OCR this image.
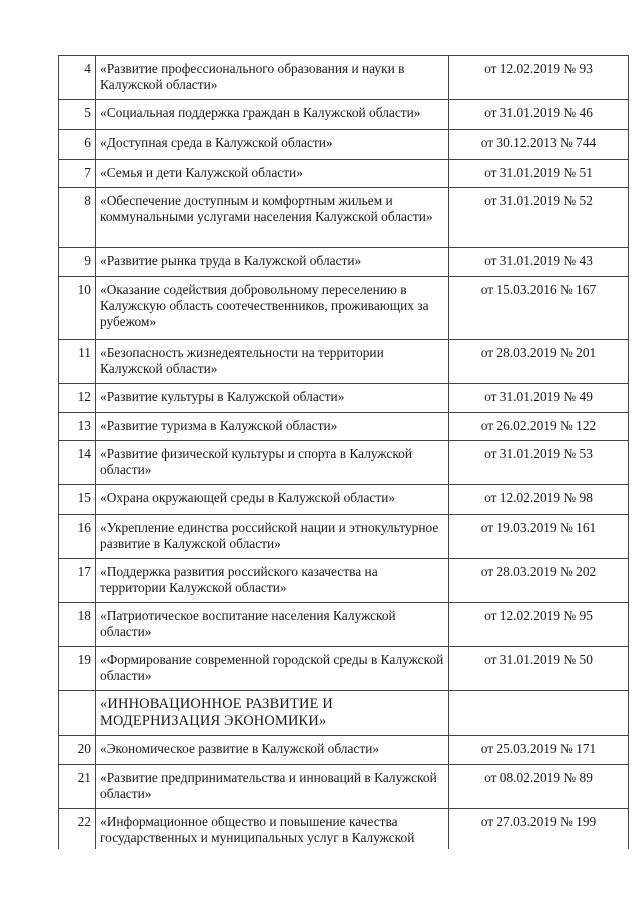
4	«Развитие профессионального образования и науки в Калужской области»	от 12.02.2019 № 93
5	«Социальная поддержка граждан в Калужской области»	от 31.01.2019 № 46
6	«Доступная среда в Калужской области»	от 30.12.2013 № 744
7	«Семья и дети Калужской области»	от 31.01.2019 № 51
8	«Обеспечение доступным и комфортным жильем и коммунальными услугами населения Калужской области»	от 31.01.2019 № 52
9	«Развитие рынка труда в Калужской области»	от 31.01.2019 № 43
10	«Оказание содействия добровольному переселению в Калужскую область соотечественников, проживающих за рубежом»	от 15.03.2016 № 167
11	«Безопасность жизнедеятельности на территории Калужской области»	от 28.03.2019 № 201
12	«Развитие культуры в Калужской области»	от 31.01.2019 № 49
13	«Развитие туризма в Калужской области»	от 26.02.2019 № 122
14	«Развитие физической культуры и спорта в Калужской области»	от 31.01.2019 № 53
15	«Охрана окружающей среды в Калужской области»	от 12.02.2019 № 98
16	«Укрепление единства российской нации и этнокультурное развитие в Калужской области»	от 19.03.2019 № 161
17	«Поддержка развития российского казачества на территории Калужской области»	от 28.03.2019 № 202
18	«Патриотическое воспитание населения Калужской области»	от 12.02.2019 № 95
19	«Формирование современной городской среды в Калужской области»	от 31.01.2019 № 50
	«ИННОВАЦИОННОЕ РАЗВИТИЕ И МОДЕРНИЗАЦИЯ ЭКОНОМИКИ»	
20	«Экономическое развитие в Калужской области»	от 25.03.2019 № 171
21	«Развитие предпринимательства и инноваций в Калужской области»	от 08.02.2019 № 89
22	«Информационное общество и повышение качества государственных и муниципальных услуг в Калужской	от 27.03.2019 № 199
